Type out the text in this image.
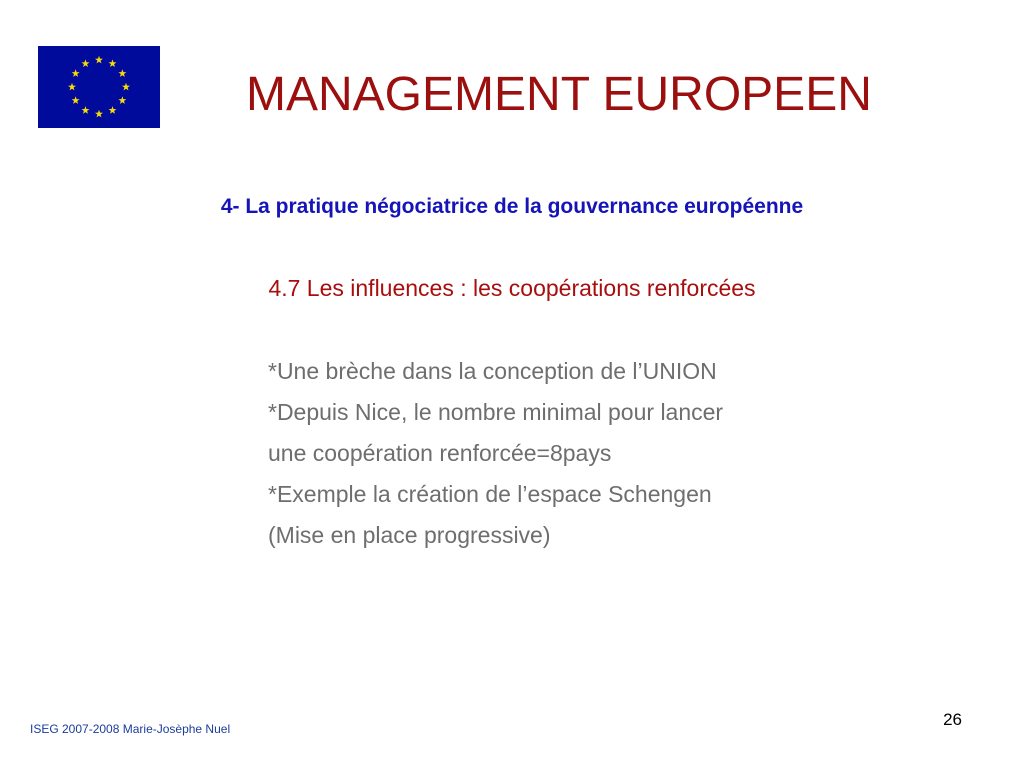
MANAGEMENT EUROPEEN
4- La pratique négociatrice de la gouvernance européenne
4.7 Les influences : les coopérations renforcées
*Une brèche dans la conception de l’UNION
*Depuis Nice, le nombre minimal pour lancer
une coopération renforcée=8pays
*Exemple la création de l’espace Schengen
(Mise en place progressive)
ISEG 2007-2008 Marie-Josèphe Nuel	26
